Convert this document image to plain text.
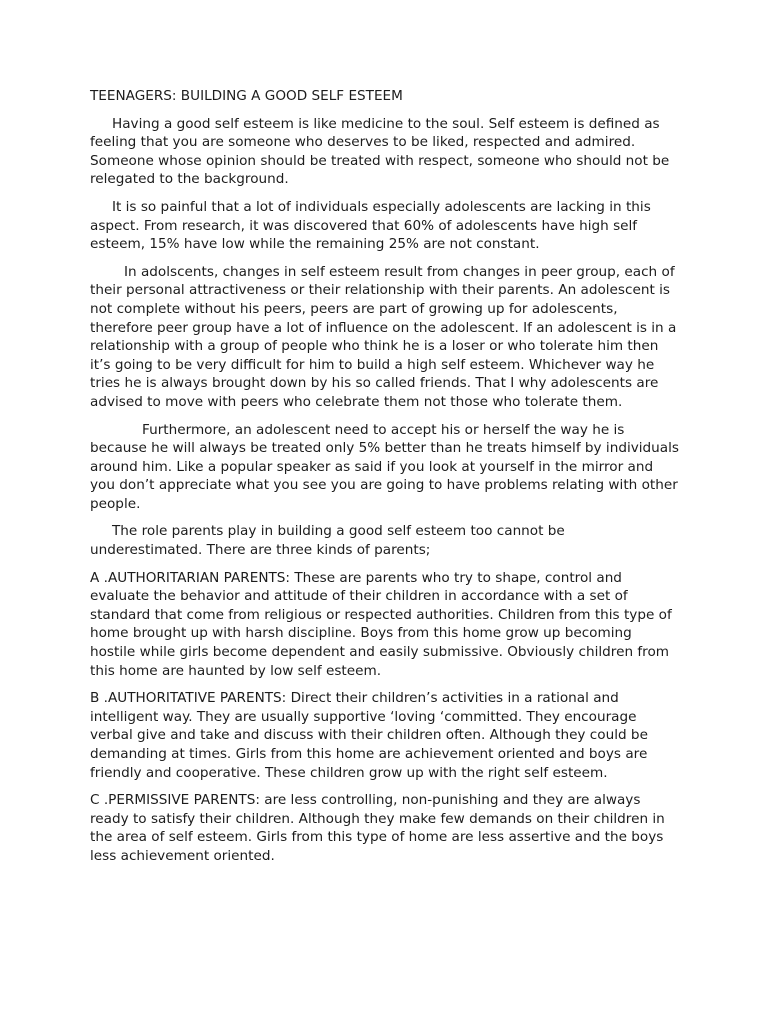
TEENAGERS: BUILDING A GOOD SELF ESTEEM

Having a good self esteem is like medicine to the soul. Self esteem is defined as feeling that you are someone who deserves to be liked, respected and admired. Someone whose opinion should be treated with respect, someone who should not be relegated to the background.

It is so painful that a lot of individuals especially adolescents are lacking in this aspect. From research, it was discovered that 60% of adolescents have high self esteem, 15% have low while the remaining 25% are not constant.

In adolscents, changes in self esteem result from changes in peer group, each of their personal attractiveness or their relationship with their parents. An adolescent is not complete without his peers, peers are part of growing up for adolescents, therefore peer group have a lot of influence on the adolescent. If an adolescent is in a relationship with a group of people who think he is a loser or who tolerate him then it’s going to be very difficult for him to build a high self esteem. Whichever way he tries he is always brought down by his so called friends. That I why adolescents are advised to move with peers who celebrate them not those who tolerate them.

Furthermore, an adolescent need to accept his or herself the way he is because he will always be treated only 5% better than he treats himself by individuals around him. Like a popular speaker as said if you look at yourself in the mirror and you don’t appreciate what you see you are going to have problems relating with other people.

The role parents play in building a good self esteem too cannot be underestimated. There are three kinds of parents;

A .AUTHORITARIAN PARENTS: These are parents who try to shape, control and evaluate the behavior and attitude of their children in accordance with a set of standard that come from religious or respected authorities. Children from this type of home brought up with harsh discipline. Boys from this home grow up becoming hostile while girls become dependent and easily submissive. Obviously children from this home are haunted by low self esteem.

B .AUTHORITATIVE PARENTS: Direct their children’s activities in a rational and intelligent way. They are usually supportive ‘loving ‘committed. They encourage verbal give and take and discuss with their children often. Although they could be demanding at times. Girls from this home are achievement oriented and boys are friendly and cooperative. These children grow up with the right self esteem.

C .PERMISSIVE PARENTS: are less controlling, non-punishing and they are always ready to satisfy their children. Although they make few demands on their children in the area of self esteem. Girls from this type of home are less assertive and the boys less achievement oriented.
